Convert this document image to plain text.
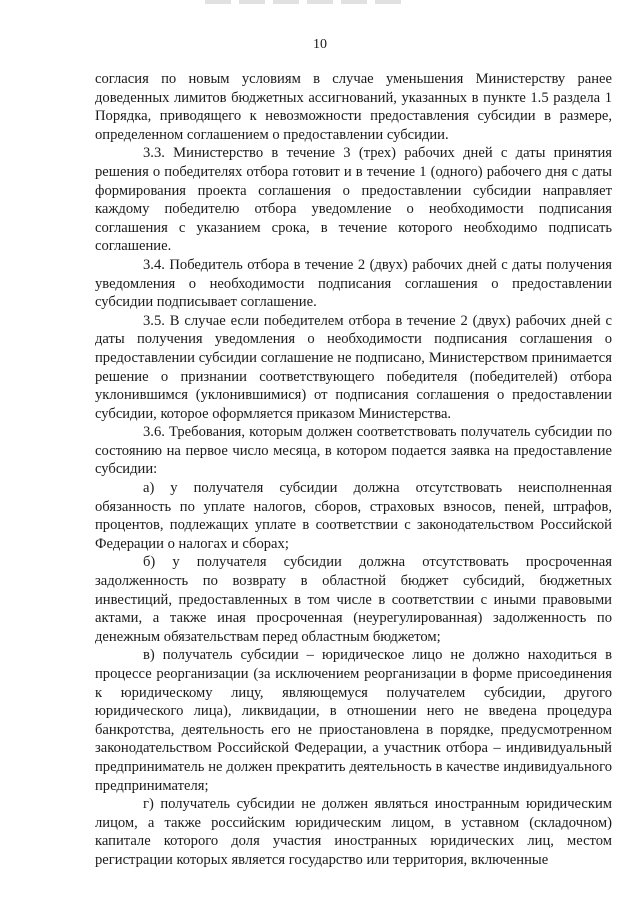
10

согласия по новым условиям в случае уменьшения Министерству ранее доведенных лимитов бюджетных ассигнований, указанных в пункте 1.5 раздела 1 Порядка, приводящего к невозможности предоставления субсидии в размере, определенном соглашением о предоставлении субсидии.

3.3. Министерство в течение 3 (трех) рабочих дней с даты принятия решения о победителях отбора готовит и в течение 1 (одного) рабочего дня с даты формирования проекта соглашения о предоставлении субсидии направляет каждому победителю отбора уведомление о необходимости подписания соглашения с указанием срока, в течение которого необходимо подписать соглашение.

3.4. Победитель отбора в течение 2 (двух) рабочих дней с даты получения уведомления о необходимости подписания соглашения о предоставлении субсидии подписывает соглашение.

3.5. В случае если победителем отбора в течение 2 (двух) рабочих дней с даты получения уведомления о необходимости подписания соглашения о предоставлении субсидии соглашение не подписано, Министерством принимается решение о признании соответствующего победителя (победителей) отбора уклонившимся (уклонившимися) от подписания соглашения о предоставлении субсидии, которое оформляется приказом Министерства.

3.6. Требования, которым должен соответствовать получатель субсидии по состоянию на первое число месяца, в котором подается заявка на предоставление субсидии:

а) у получателя субсидии должна отсутствовать неисполненная обязанность по уплате налогов, сборов, страховых взносов, пеней, штрафов, процентов, подлежащих уплате в соответствии с законодательством Российской Федерации о налогах и сборах;

б) у получателя субсидии должна отсутствовать просроченная задолженность по возврату в областной бюджет субсидий, бюджетных инвестиций, предоставленных в том числе в соответствии с иными правовыми актами, а также иная просроченная (неурегулированная) задолженность по денежным обязательствам перед областным бюджетом;

в) получатель субсидии – юридическое лицо не должно находиться в процессе реорганизации (за исключением реорганизации в форме присоединения к юридическому лицу, являющемуся получателем субсидии, другого юридического лица), ликвидации, в отношении него не введена процедура банкротства, деятельность его не приостановлена в порядке, предусмотренном законодательством Российской Федерации, а участник отбора – индивидуальный предприниматель не должен прекратить деятельность в качестве индивидуального предпринимателя;

г) получатель субсидии не должен являться иностранным юридическим лицом, а также российским юридическим лицом, в уставном (складочном) капитале которого доля участия иностранных юридических лиц, местом регистрации которых является государство или территория, включенные
